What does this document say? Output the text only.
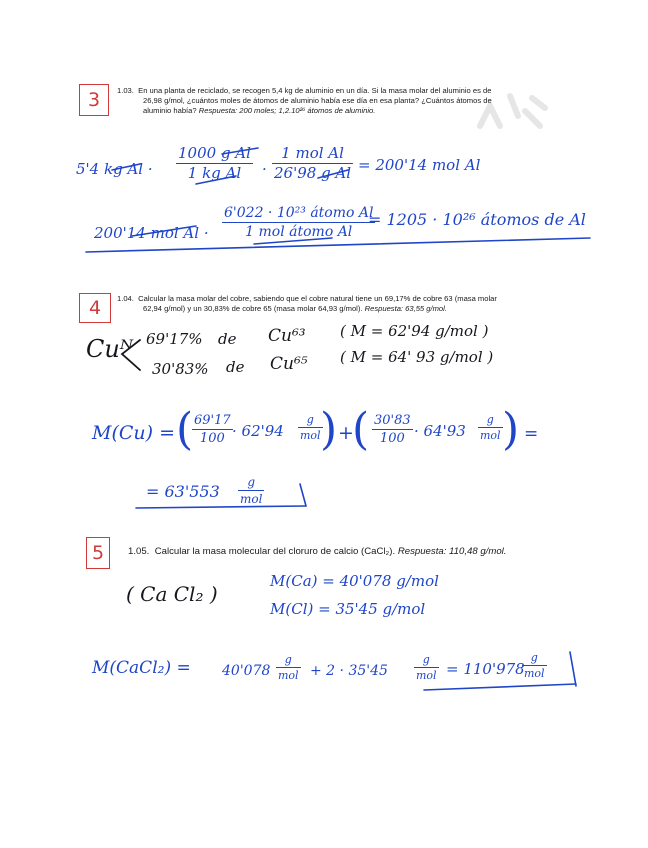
3	1.03. En una planta de reciclado, se recogen 5,4 kg de aluminio en un día. Si la masa molar del aluminio es de
26,98 g/mol, ¿cuántos moles de átomos de aluminio había ese día en esa planta? ¿Cuántos átomos de
aluminio había? Respuesta: 200 moles; 1,2.10²⁶ átomos de aluminio.
5'4 kg Al ·
1000 g Al
1 kg Al ·
1 mol Al
26'98 g Al = 200'14 mol Al
200'14 mol Al ·
6'022 · 10²³ átomo Al
1 mol átomo Al
= 1205 · 10²⁶ átomos de Al
4	1.04. Calcular la masa molar del cobre, sabiendo que el cobre natural tiene un 69,17% de cobre 63 (masa molar
62,94 g/mol) y un 30,83% de cobre 65 (masa molar 64,93 g/mol). Respuesta: 63,55 g/mol.
Cuᴺ 69'17% de Cu⁶³ ( M = 62'94 g/mol )
30'83% de Cu⁶⁵ ( M = 64' 93 g/mol )
M(Cu) = ( 69'17
100 · 62'94
g
mol ) +
( 30'83
100 · 64'93
g
mol ) =
= 63'553 g
mol
5	1.05. Calcular la masa molecular del cloruro de calcio (CaCl₂). Respuesta: 110,48 g/mol.
( Ca Cl₂ )
M(Ca) = 40'078 g/mol
M(Cl) = 35'45 g/mol
M(CaCl₂) = 40'078
g
mol + 2 · 35'45
g
mol = 110'978
g
mol
